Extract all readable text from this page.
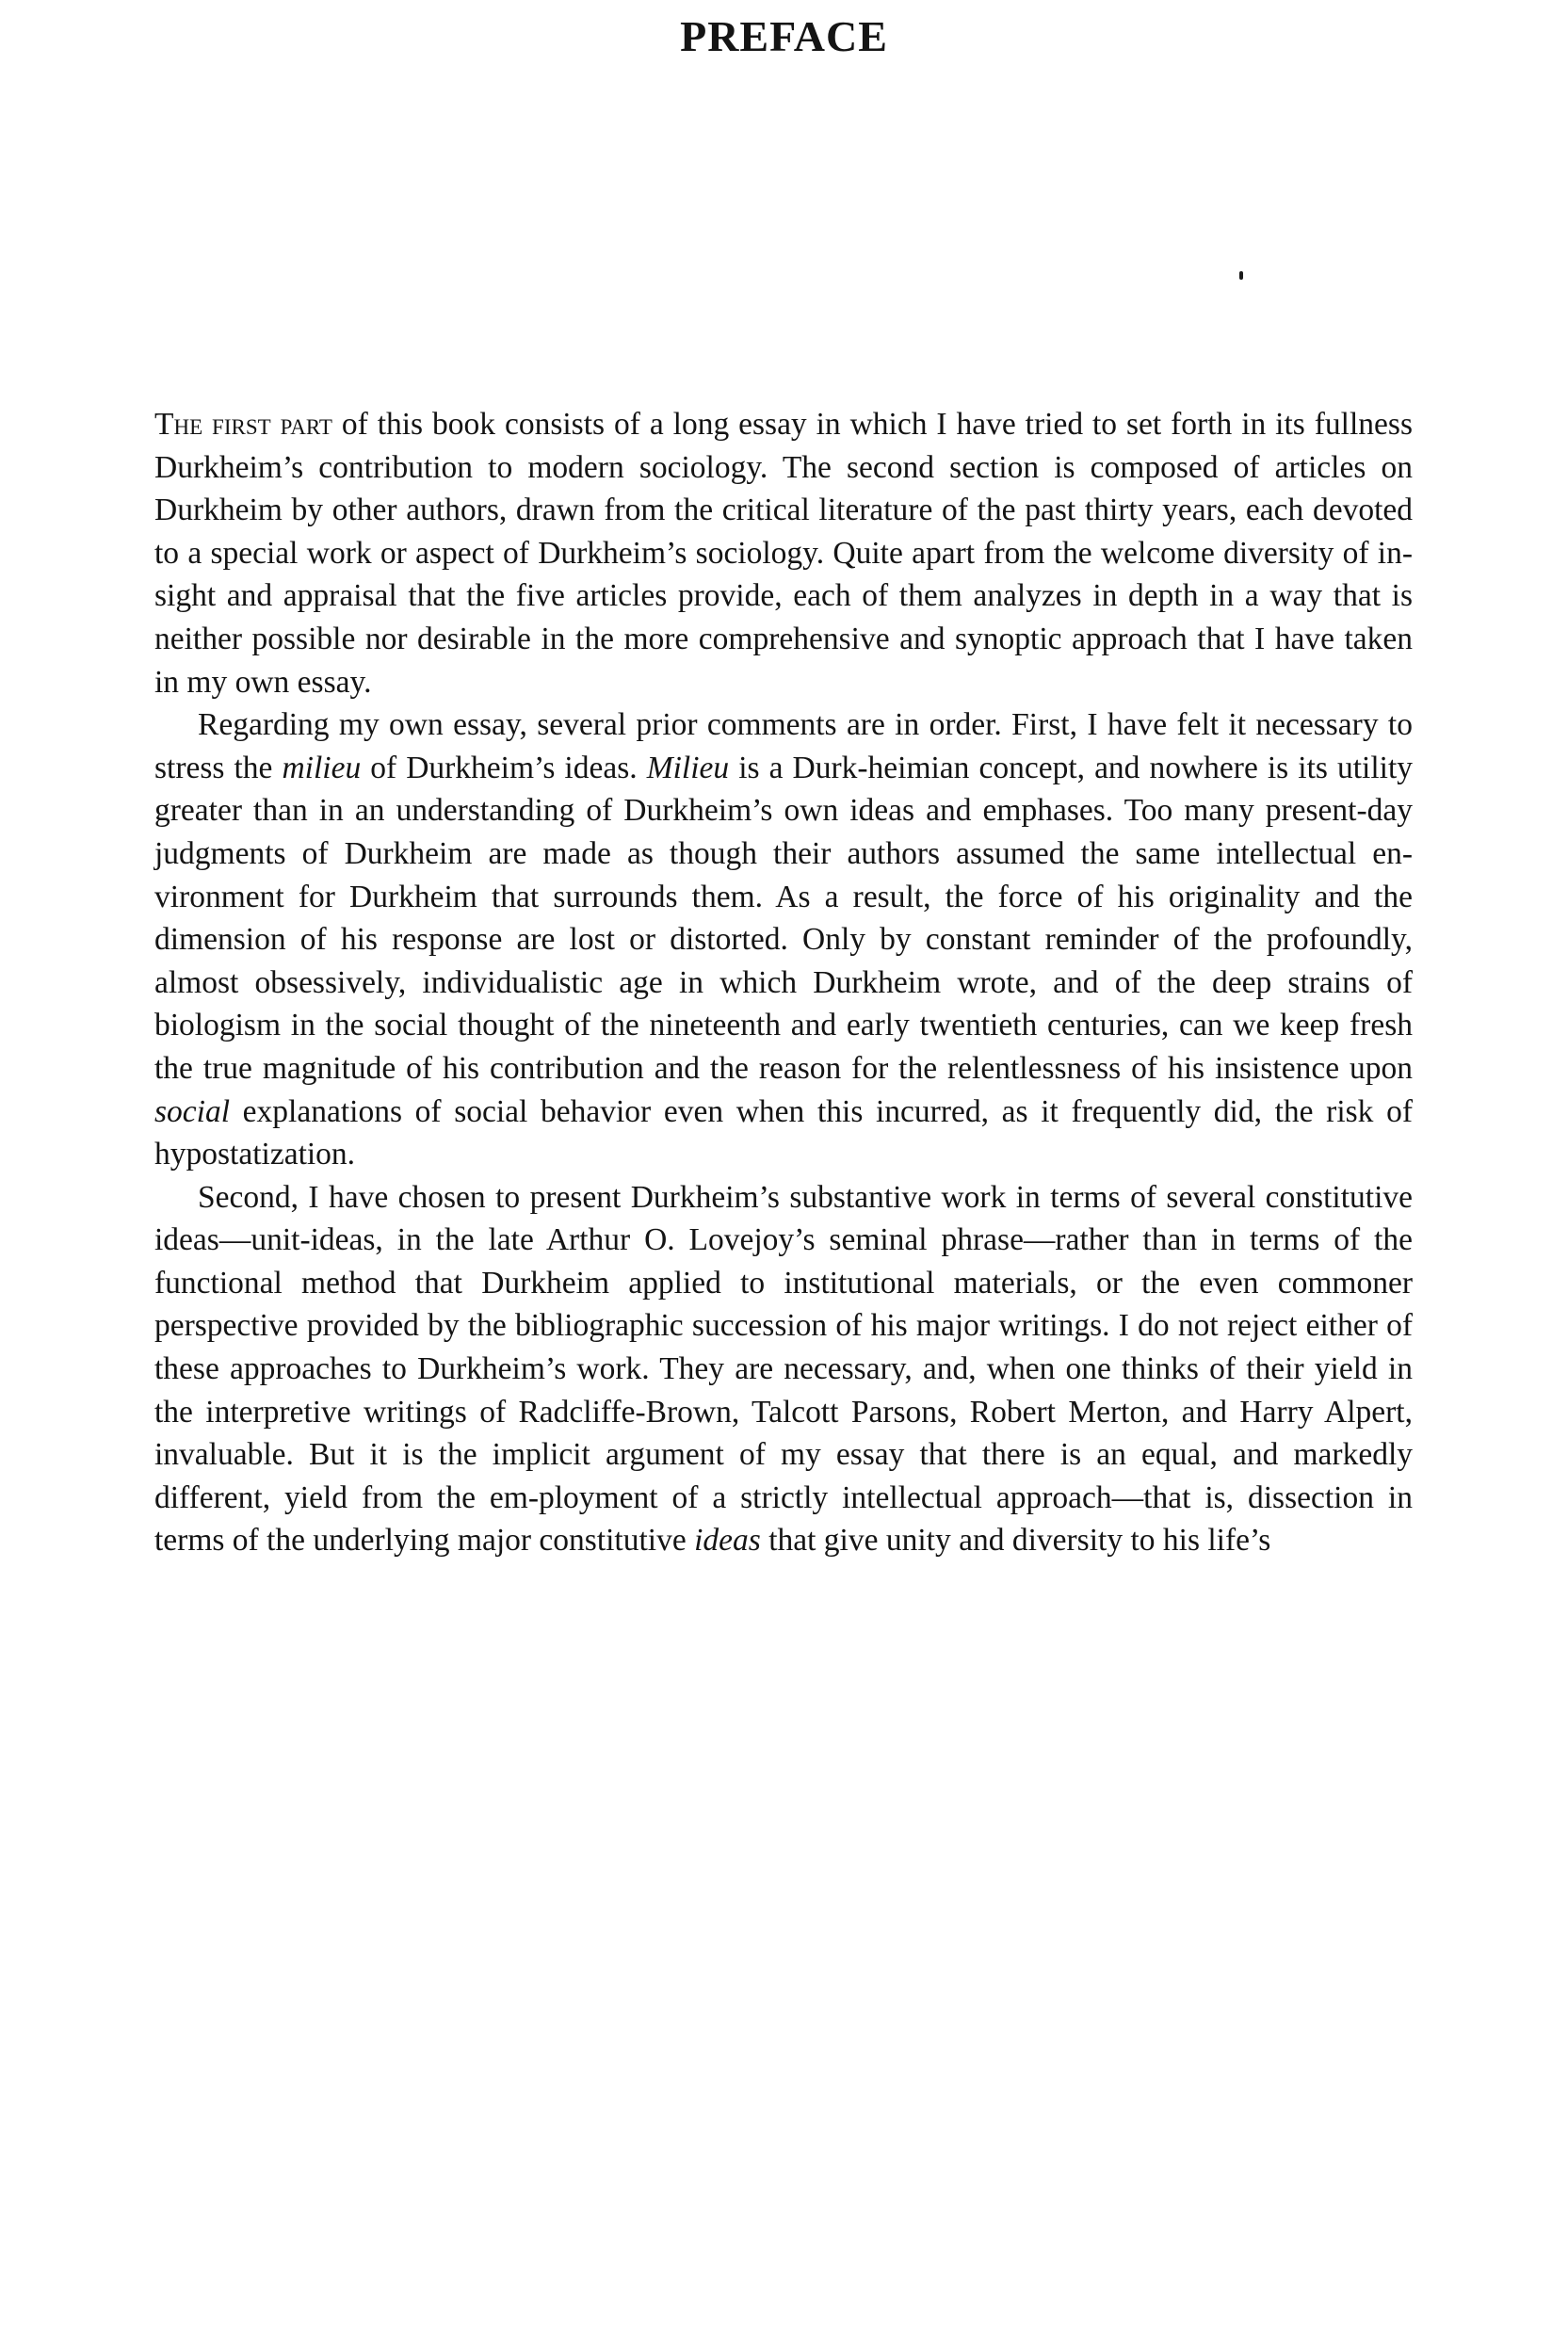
PREFACE

The first part of this book consists of a long essay in which I have tried to set forth in its fullness Durkheim’s contribution to modern sociology. The second section is composed of articles on Durkheim by other authors, drawn from the critical literature of the past thirty years, each devoted to a special work or aspect of Durkheim’s sociology. Quite apart from the welcome diversity of in-sight and appraisal that the five articles provide, each of them analyzes in depth in a way that is neither possible nor desirable in the more comprehensive and synoptic approach that I have taken in my own essay.

Regarding my own essay, several prior comments are in order. First, I have felt it necessary to stress the milieu of Durkheim’s ideas. Milieu is a Durk-heimian concept, and nowhere is its utility greater than in an understanding of Durkheim’s own ideas and emphases. Too many present-day judgments of Durkheim are made as though their authors assumed the same intellectual en-vironment for Durkheim that surrounds them. As a result, the force of his originality and the dimension of his response are lost or distorted. Only by constant reminder of the profoundly, almost obsessively, individualistic age in which Durkheim wrote, and of the deep strains of biologism in the social thought of the nineteenth and early twentieth centuries, can we keep fresh the true magnitude of his contribution and the reason for the relentlessness of his insistence upon social explanations of social behavior even when this incurred, as it frequently did, the risk of hypostatization.

Second, I have chosen to present Durkheim’s substantive work in terms of several constitutive ideas—unit-ideas, in the late Arthur O. Lovejoy’s seminal phrase—rather than in terms of the functional method that Durkheim applied to institutional materials, or the even commoner perspective provided by the bibliographic succession of his major writings. I do not reject either of these approaches to Durkheim’s work. They are necessary, and, when one thinks of their yield in the interpretive writings of Radcliffe-Brown, Talcott Parsons, Robert Merton, and Harry Alpert, invaluable. But it is the implicit argument of my essay that there is an equal, and markedly different, yield from the em-ployment of a strictly intellectual approach—that is, dissection in terms of the underlying major constitutive ideas that give unity and diversity to his life’s
